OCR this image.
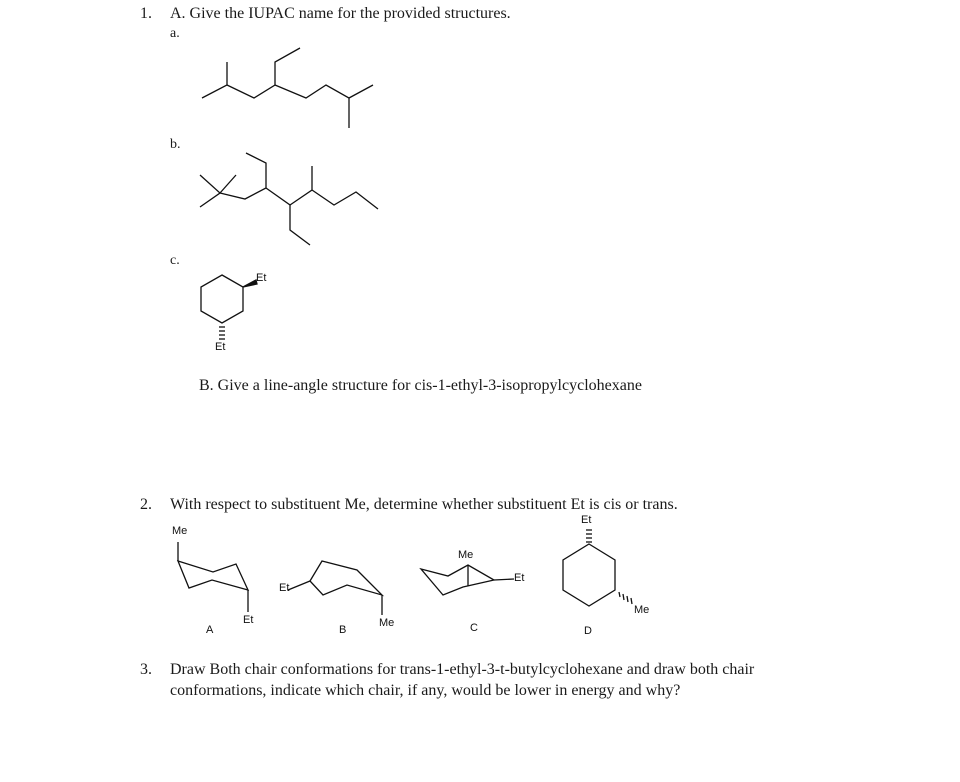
1. A. Give the IUPAC name for the provided structures.
a.
b.
c.
Et
Et
B. Give a line-angle structure for cis-1-ethyl-3-isopropylcyclohexane
2. With respect to substituent Me, determine whether substituent Et is cis or trans.
Me
Et
A
Et
Me
B
Me
Et
C
Et
Me
D
3. Draw Both chair conformations for trans-1-ethyl-3-t-butylcyclohexane and draw both chair
conformations, indicate which chair, if any, would be lower in energy and why?
